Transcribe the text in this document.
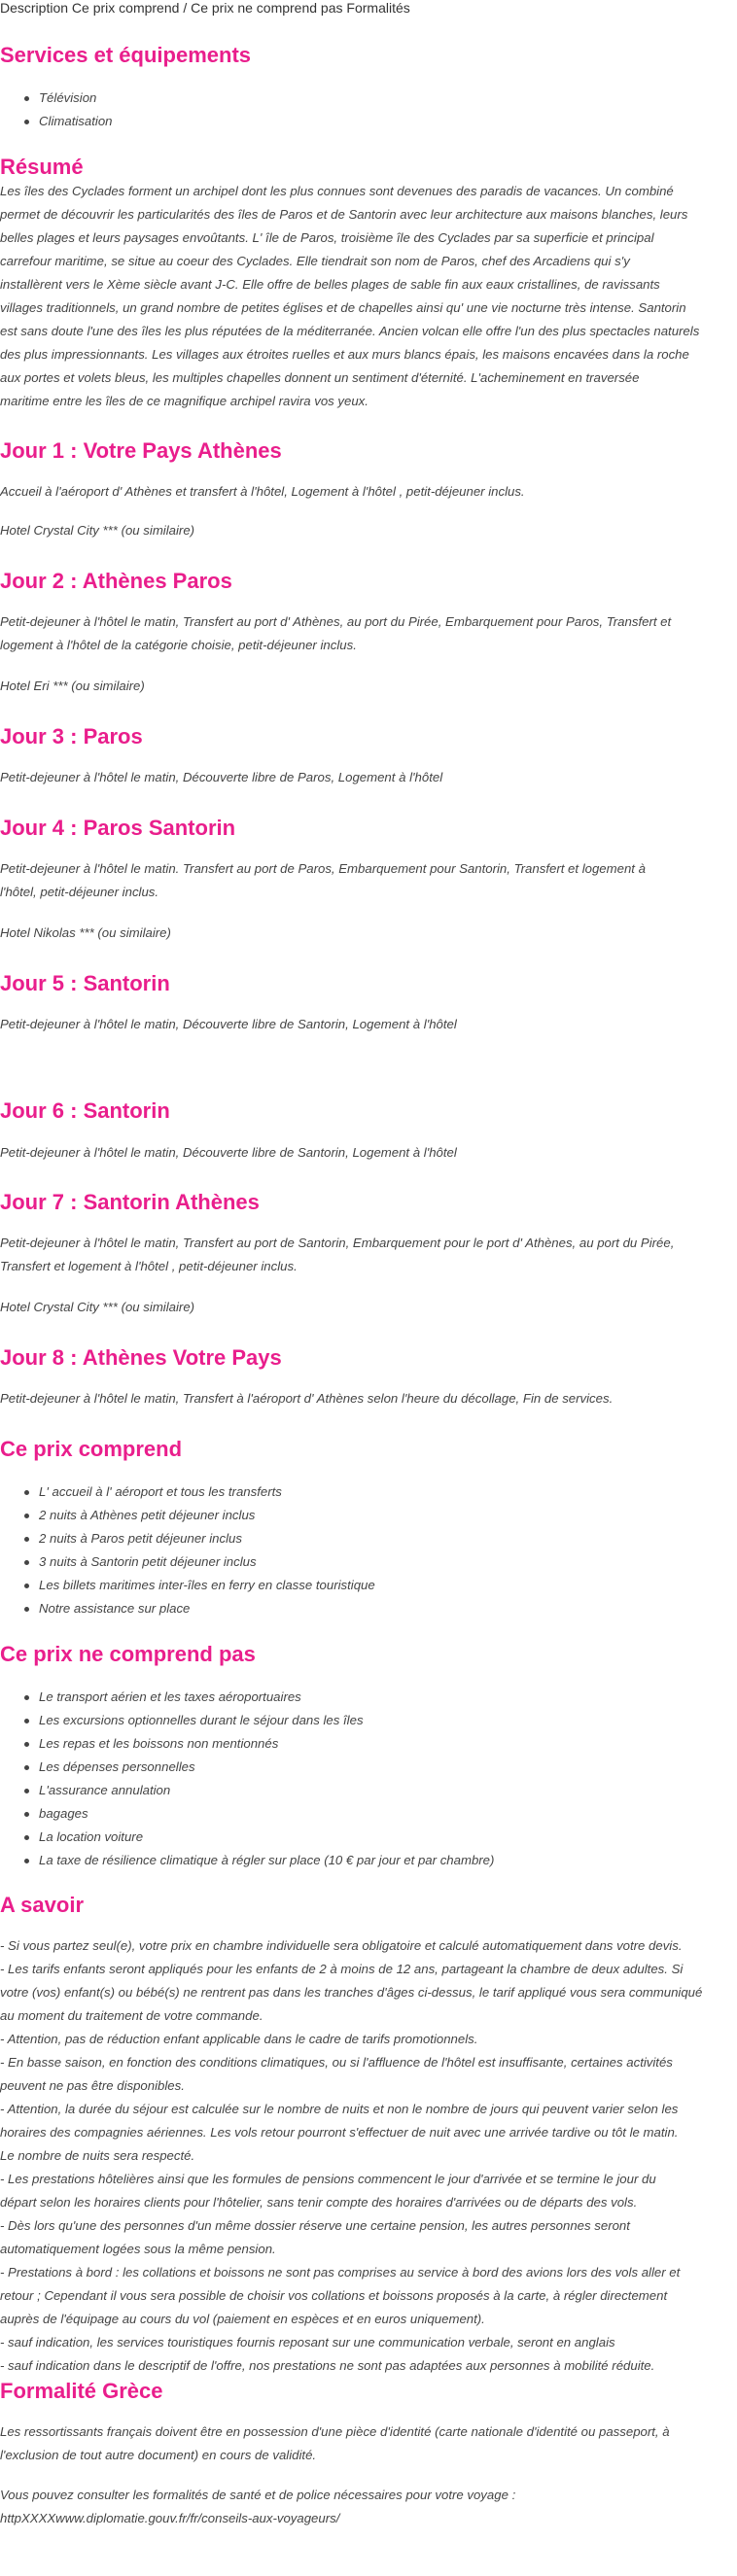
Description Ce prix comprend / Ce prix ne comprend pas Formalités
Services et équipements
Télévision
Climatisation
Résumé
Les îles des Cyclades forment un archipel dont les plus connues sont devenues des paradis de vacances. Un combiné
permet de découvrir les particularités des îles de Paros et de Santorin avec leur architecture aux maisons blanches, leurs
belles plages et leurs paysages envoûtants. L' île de Paros, troisième île des Cyclades par sa superficie et principal
carrefour maritime, se situe au coeur des Cyclades. Elle tiendrait son nom de Paros, chef des Arcadiens qui s'y
installèrent vers le Xème siècle avant J-C. Elle offre de belles plages de sable fin aux eaux cristallines, de ravissants
villages traditionnels, un grand nombre de petites églises et de chapelles ainsi qu' une vie nocturne très intense. Santorin
est sans doute l'une des îles les plus réputées de la méditerranée. Ancien volcan elle offre l'un des plus spectacles naturels
des plus impressionnants. Les villages aux étroites ruelles et aux murs blancs épais, les maisons encavées dans la roche
aux portes et volets bleus, les multiples chapelles donnent un sentiment d'éternité. L'acheminement en traversée
maritime entre les îles de ce magnifique archipel ravira vos yeux.
Jour 1 : Votre Pays Athènes
Accueil à l'aéroport d' Athènes et transfert à l'hôtel, Logement à l'hôtel , petit-déjeuner inclus.
Hotel Crystal City *** (ou similaire)
Jour 2 : Athènes Paros
Petit-dejeuner à l'hôtel le matin, Transfert au port d' Athènes, au port du Pirée, Embarquement pour Paros, Transfert et
logement à l'hôtel de la catégorie choisie, petit-déjeuner inclus.
Hotel Eri *** (ou similaire)
Jour 3 : Paros
Petit-dejeuner à l'hôtel le matin, Découverte libre de Paros, Logement à l'hôtel
Jour 4 : Paros Santorin
Petit-dejeuner à l'hôtel le matin. Transfert au port de Paros, Embarquement pour Santorin, Transfert et logement à
l'hôtel, petit-déjeuner inclus.
Hotel Nikolas *** (ou similaire)
Jour 5 : Santorin
Petit-dejeuner à l'hôtel le matin, Découverte libre de Santorin, Logement à l'hôtel
Jour 6 : Santorin
Petit-dejeuner à l'hôtel le matin, Découverte libre de Santorin, Logement à l'hôtel
Jour 7 : Santorin Athènes
Petit-dejeuner à l'hôtel le matin, Transfert au port de Santorin, Embarquement pour le port d' Athènes, au port du Pirée,
Transfert et logement à l'hôtel , petit-déjeuner inclus.
Hotel Crystal City *** (ou similaire)
Jour 8 : Athènes Votre Pays
Petit-dejeuner à l'hôtel le matin, Transfert à l'aéroport d' Athènes selon l'heure du décollage, Fin de services.
Ce prix comprend
L' accueil à l' aéroport et tous les transferts
2 nuits à Athènes petit déjeuner inclus
2 nuits à Paros petit déjeuner inclus
3 nuits à Santorin petit déjeuner inclus
Les billets maritimes inter-îles en ferry en classe touristique
Notre assistance sur place
Ce prix ne comprend pas
Le transport aérien et les taxes aéroportuaires
Les excursions optionnelles durant le séjour dans les îles
Les repas et les boissons non mentionnés
Les dépenses personnelles
L'assurance annulation
bagages
La location voiture
La taxe de résilience climatique à régler sur place (10 € par jour et par chambre)
A savoir
- Si vous partez seul(e), votre prix en chambre individuelle sera obligatoire et calculé automatiquement dans votre devis.
- Les tarifs enfants seront appliqués pour les enfants de 2 à moins de 12 ans, partageant la chambre de deux adultes. Si
votre (vos) enfant(s) ou bébé(s) ne rentrent pas dans les tranches d'âges ci-dessus, le tarif appliqué vous sera communiqué
au moment du traitement de votre commande.
- Attention, pas de réduction enfant applicable dans le cadre de tarifs promotionnels.
- En basse saison, en fonction des conditions climatiques, ou si l'affluence de l'hôtel est insuffisante, certaines activités
peuvent ne pas être disponibles.
- Attention, la durée du séjour est calculée sur le nombre de nuits et non le nombre de jours qui peuvent varier selon les
horaires des compagnies aériennes. Les vols retour pourront s'effectuer de nuit avec une arrivée tardive ou tôt le matin.
Le nombre de nuits sera respecté.
- Les prestations hôtelières ainsi que les formules de pensions commencent le jour d'arrivée et se termine le jour du
départ selon les horaires clients pour l'hôtelier, sans tenir compte des horaires d'arrivées ou de départs des vols.
- Dès lors qu'une des personnes d'un même dossier réserve une certaine pension, les autres personnes seront
automatiquement logées sous la même pension.
- Prestations à bord : les collations et boissons ne sont pas comprises au service à bord des avions lors des vols aller et
retour ; Cependant il vous sera possible de choisir vos collations et boissons proposés à la carte, à régler directement
auprès de l'équipage au cours du vol (paiement en espèces et en euros uniquement).
- sauf indication, les services touristiques fournis reposant sur une communication verbale, seront en anglais
- sauf indication dans le descriptif de l'offre, nos prestations ne sont pas adaptées aux personnes à mobilité réduite.
Formalité Grèce
Les ressortissants français doivent être en possession d'une pièce d'identité (carte nationale d'identité ou passeport, à
l'exclusion de tout autre document) en cours de validité.
Vous pouvez consulter les formalités de santé et de police nécessaires pour votre voyage :
httpXXXXwww.diplomatie.gouv.fr/fr/conseils-aux-voyageurs/
